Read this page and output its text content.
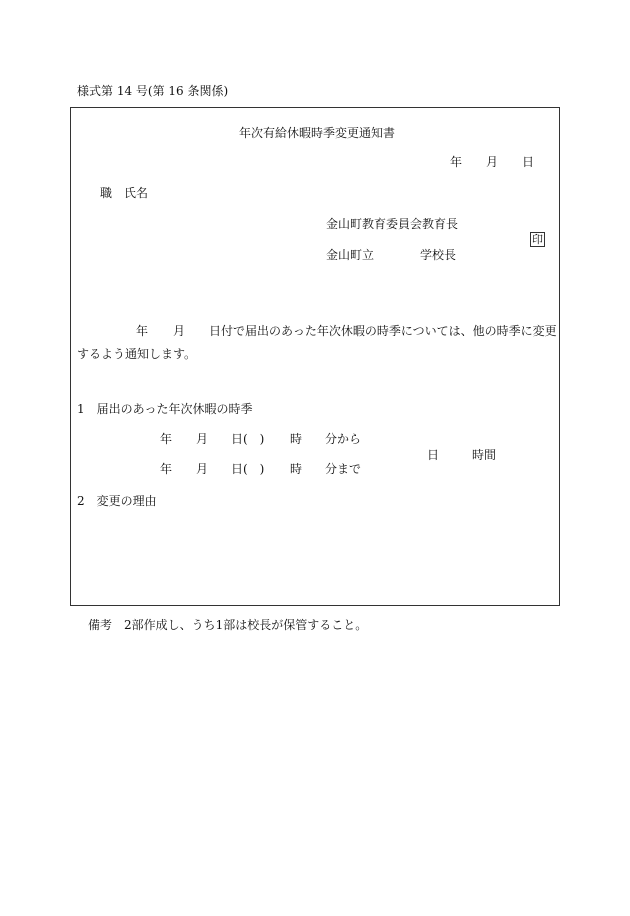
様式第 14 号(第 16 条関係)
年次有給休暇時季変更通知書
年 月 日
職　氏名
金山町教育委員会教育長
金山町立	学校長
印
年 月 日付で届出のあった年次休暇の時季については、他の時季に変更
するよう通知します。
1　届出のあった年次休暇の時季
年 月 日(　) 時 分から
日	時間
年 月 日(　) 時 分まで
2　変更の理由
備考　2部作成し、うち1部は校長が保管すること。
